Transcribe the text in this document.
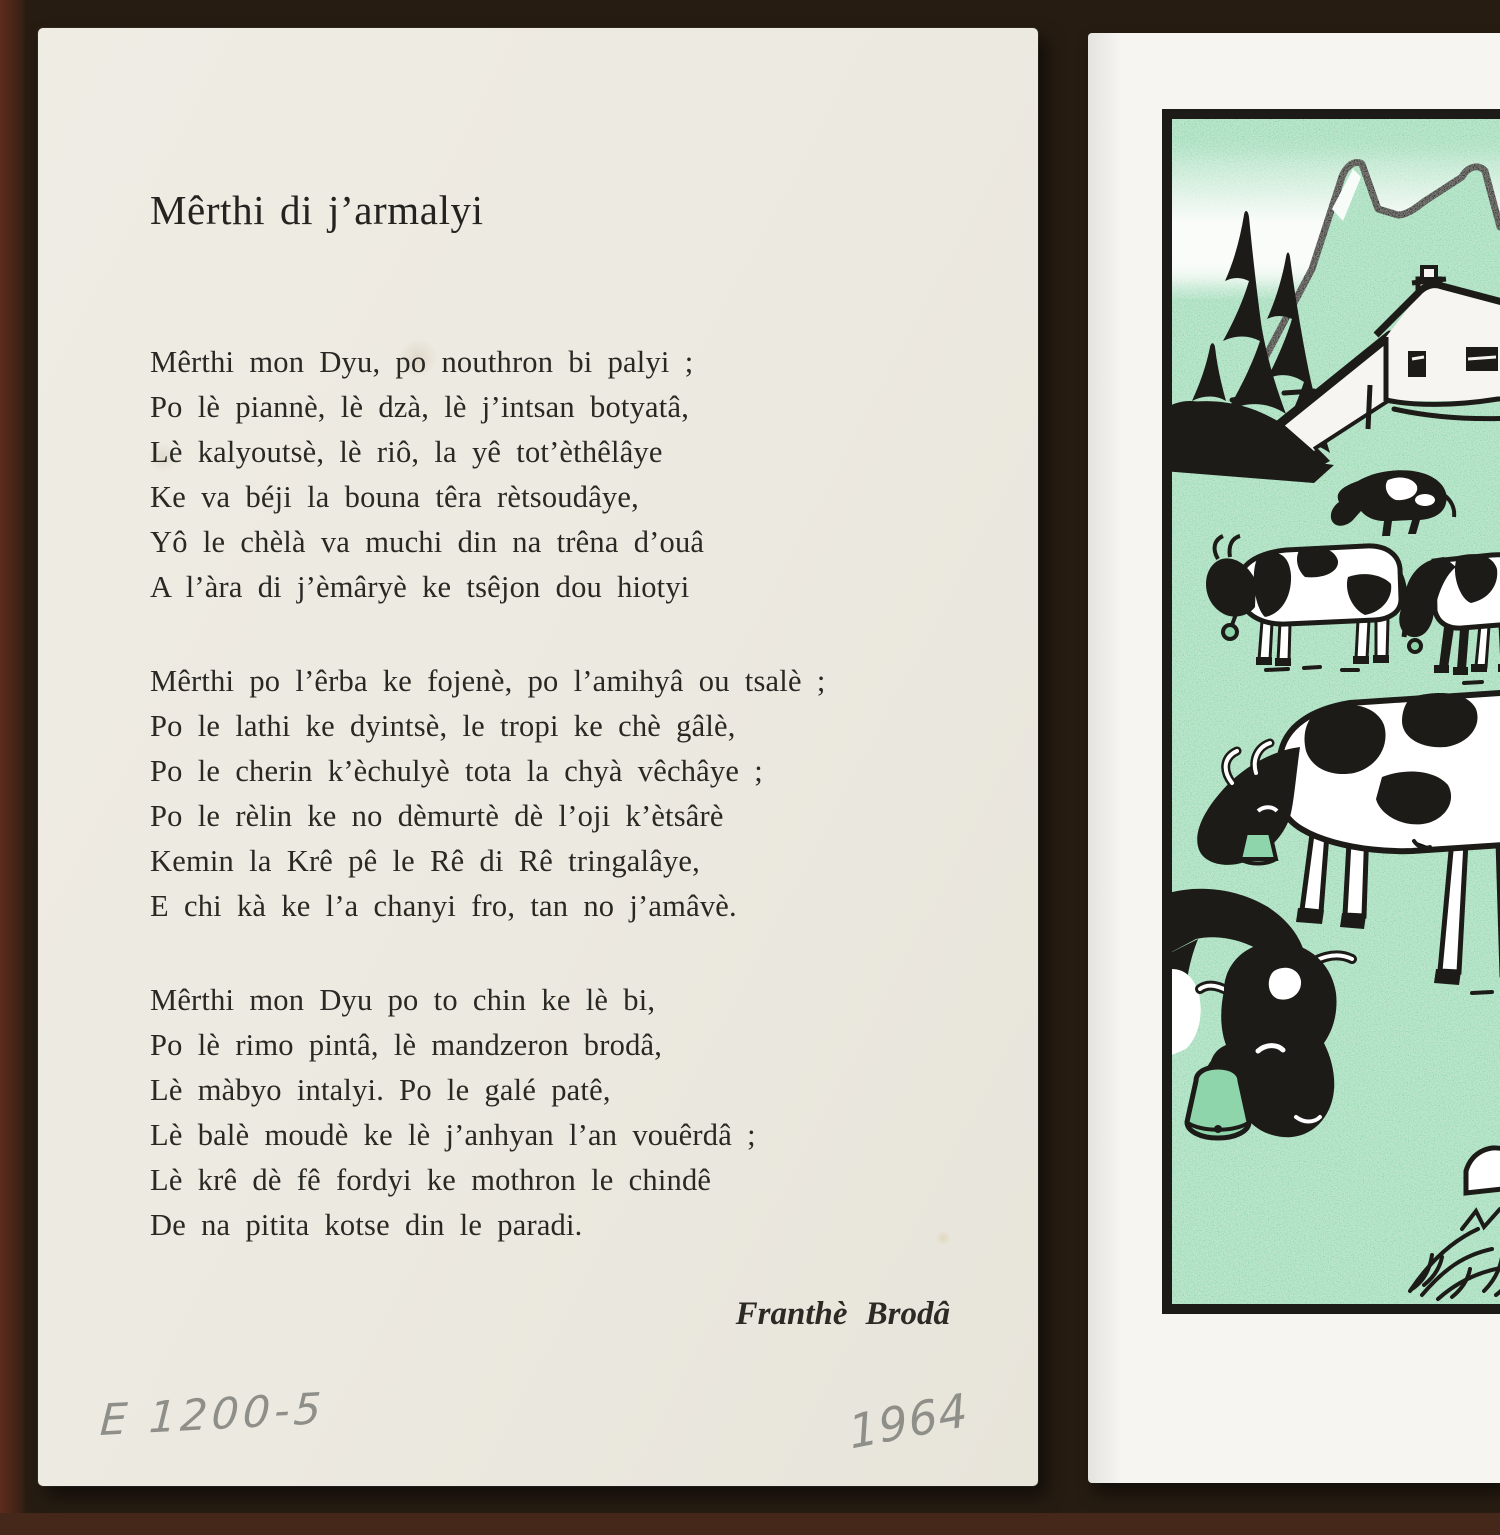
Mêrthi di j’armalyi
Mêrthi mon Dyu, po nouthron bi palyi ;
Po lè piannè, lè dzà, lè j’intsan botyatâ,
Lè kalyoutsè, lè riô, la yê tot’èthêlâye
Ke va béji la bouna têra rètsoudâye,
Yô le chèlà va muchi din na trêna d’ouâ
A l’àra di j’èmâryè ke tsêjon dou hiotyi
Mêrthi po l’êrba ke fojenè, po l’amihyâ ou tsalè ;
Po le lathi ke dyintsè, le tropi ke chè gâlè,
Po le cherin k’èchulyè tota la chyà vêchâye ;
Po le rèlin ke no dèmurtè dè l’oji k’ètsârè
Kemin la Krê pê le Rê di Rê tringalâye,
E chi kà ke l’a chanyi fro, tan no j’amâvè.
Mêrthi mon Dyu po to chin ke lè bi,
Po lè rimo pintâ, lè mandzeron brodâ,
Lè màbyo intalyi. Po le galé patê,
Lè balè moudè ke lè j’anhyan l’an vouêrdâ ;
Lè krê dè fê fordyi ke mothron le chindê
De na pitita kotse din le paradi.
Franthè Brodâ
E 1200-5	1964
